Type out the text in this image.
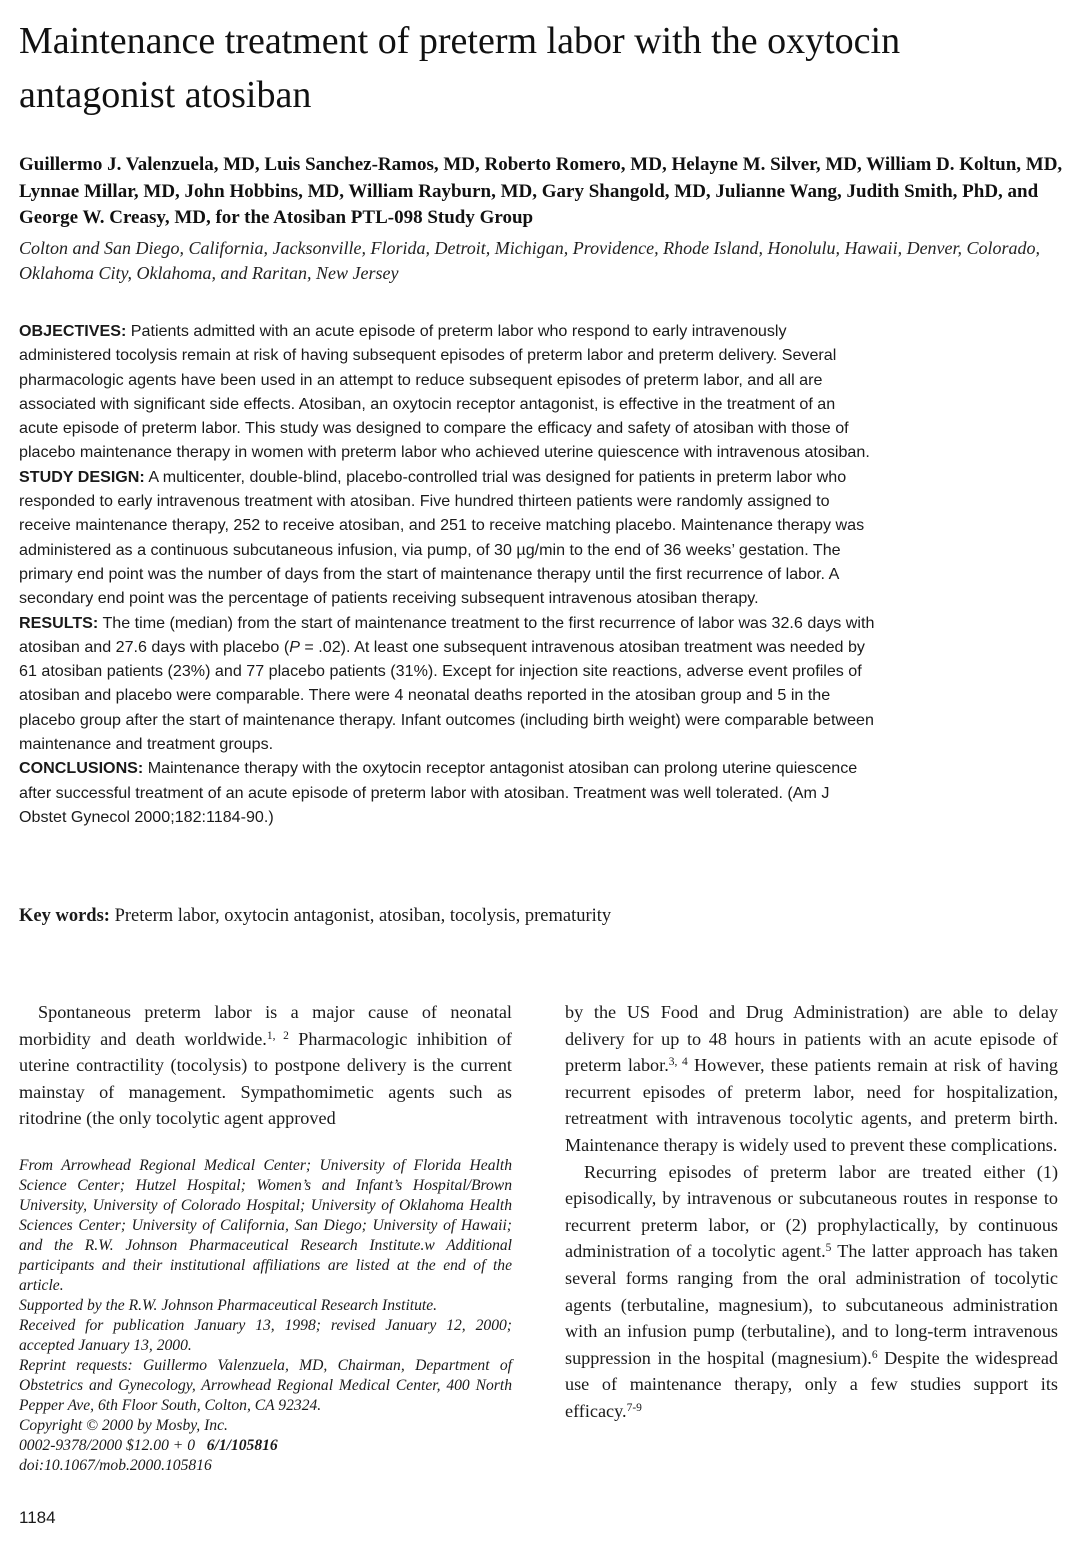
Maintenance treatment of preterm labor with the oxytocin antagonist atosiban

Guillermo J. Valenzuela, MD, Luis Sanchez-Ramos, MD, Roberto Romero, MD, Helayne M. Silver, MD, William D. Koltun, MD, Lynnae Millar, MD, John Hobbins, MD, William Rayburn, MD, Gary Shangold, MD, Julianne Wang, Judith Smith, PhD, and George W. Creasy, MD, for the Atosiban PTL-098 Study Group

Colton and San Diego, California, Jacksonville, Florida, Detroit, Michigan, Providence, Rhode Island, Honolulu, Hawaii, Denver, Colorado, Oklahoma City, Oklahoma, and Raritan, New Jersey

OBJECTIVES: Patients admitted with an acute episode of preterm labor who respond to early intravenously administered tocolysis remain at risk of having subsequent episodes of preterm labor and preterm delivery. Several pharmacologic agents have been used in an attempt to reduce subsequent episodes of preterm labor, and all are associated with significant side effects. Atosiban, an oxytocin receptor antagonist, is effective in the treatment of an acute episode of preterm labor. This study was designed to compare the efficacy and safety of atosiban with those of placebo maintenance therapy in women with preterm labor who achieved uterine quiescence with intravenous atosiban.

STUDY DESIGN: A multicenter, double-blind, placebo-controlled trial was designed for patients in preterm labor who responded to early intravenous treatment with atosiban. Five hundred thirteen patients were randomly assigned to receive maintenance therapy, 252 to receive atosiban, and 251 to receive matching placebo. Maintenance therapy was administered as a continuous subcutaneous infusion, via pump, of 30 µg/min to the end of 36 weeks’ gestation. The primary end point was the number of days from the start of maintenance therapy until the first recurrence of labor. A secondary end point was the percentage of patients receiving subsequent intravenous atosiban therapy.

RESULTS: The time (median) from the start of maintenance treatment to the first recurrence of labor was 32.6 days with atosiban and 27.6 days with placebo (P = .02). At least one subsequent intravenous atosiban treatment was needed by 61 atosiban patients (23%) and 77 placebo patients (31%). Except for injection site reactions, adverse event profiles of atosiban and placebo were comparable. There were 4 neonatal deaths reported in the atosiban group and 5 in the placebo group after the start of maintenance therapy. Infant outcomes (including birth weight) were comparable between maintenance and treatment groups.

CONCLUSIONS: Maintenance therapy with the oxytocin receptor antagonist atosiban can prolong uterine quiescence after successful treatment of an acute episode of preterm labor with atosiban. Treatment was well tolerated. (Am J Obstet Gynecol 2000;182:1184-90.)

Key words: Preterm labor, oxytocin antagonist, atosiban, tocolysis, prematurity

Spontaneous preterm labor is a major cause of neonatal morbidity and death worldwide.$^{1, 2}$ Pharmacologic inhibition of uterine contractility (tocolysis) to postpone delivery is the current mainstay of management. Sympathomimetic agents such as ritodrine (the only tocolytic agent approved

From Arrowhead Regional Medical Center; University of Florida Health Science Center; Hutzel Hospital; Women’s and Infant’s Hospital/Brown University, University of Colorado Hospital; University of Oklahoma Health Sciences Center; University of California, San Diego; University of Hawaii; and the R.W. Johnson Pharmaceutical Research Institute.w Additional participants and their institutional affiliations are listed at the end of the article.

Supported by the R.W. Johnson Pharmaceutical Research Institute.

Received for publication January 13, 1998; revised January 12, 2000; accepted January 13, 2000.

Reprint requests: Guillermo Valenzuela, MD, Chairman, Department of Obstetrics and Gynecology, Arrowhead Regional Medical Center, 400 North Pepper Ave, 6th Floor South, Colton, CA 92324.

Copyright © 2000 by Mosby, Inc.

0002-9378/2000 $12.00 + 0   6/1/105816

doi:10.1067/mob.2000.105816

by the US Food and Drug Administration) are able to delay delivery for up to 48 hours in patients with an acute episode of preterm labor.$^{3, 4}$ However, these patients remain at risk of having recurrent episodes of preterm labor, need for hospitalization, retreatment with intravenous tocolytic agents, and preterm birth. Maintenance therapy is widely used to prevent these complications.

Recurring episodes of preterm labor are treated either (1) episodically, by intravenous or subcutaneous routes in response to recurrent preterm labor, or (2) prophylactically, by continuous administration of a tocolytic agent.$^5$ The latter approach has taken several forms ranging from the oral administration of tocolytic agents (terbutaline, magnesium), to subcutaneous administration with an infusion pump (terbutaline), and to long-term intravenous suppression in the hospital (magnesium).$^6$ Despite the widespread use of maintenance therapy, only a few studies support its efficacy.$^{7-9}$

1184
